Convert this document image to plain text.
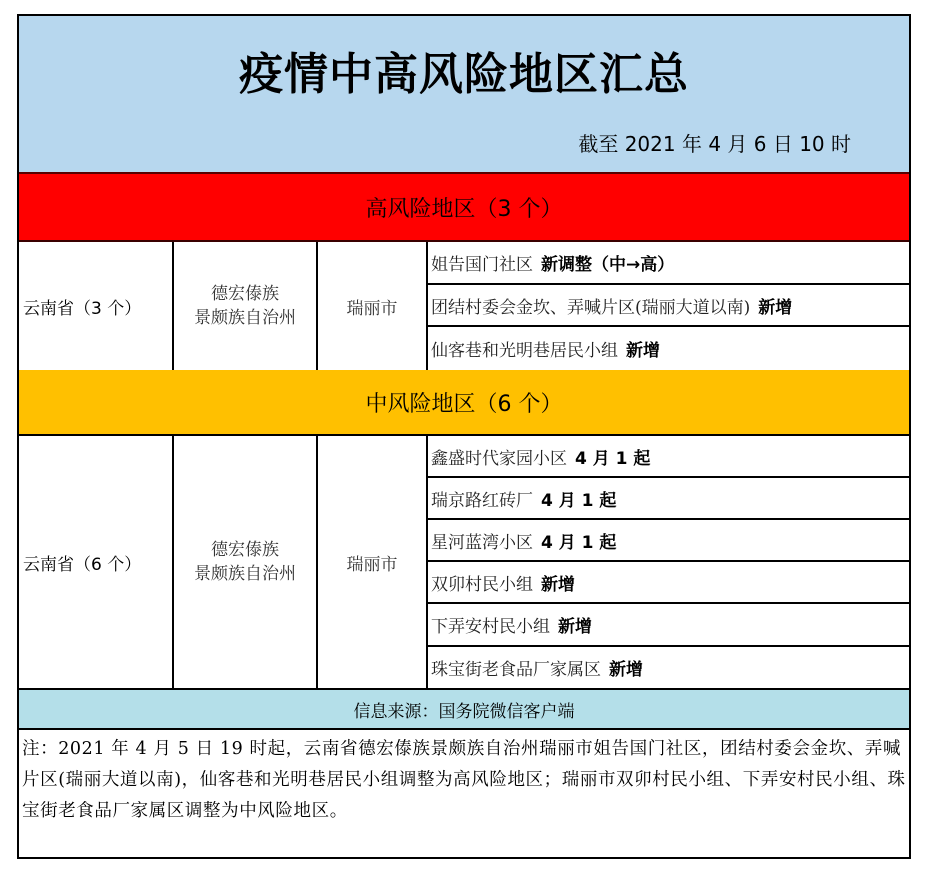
疫情中高风险地区汇总
截至 2021 年 4 月 6 日 10 时
高风险地区（3 个）
云南省（3 个）
德宏傣族
景颇族自治州	瑞丽市
姐告国门社区 新调整（中→高）
团结村委会金坎、弄喊片区(瑞丽大道以南) 新增
仙客巷和光明巷居民小组 新增
中风险地区（6 个）
云南省（6 个）
德宏傣族
景颇族自治州	瑞丽市
鑫盛时代家园小区 4 月 1 起
瑞京路红砖厂 4 月 1 起
星河蓝湾小区 4 月 1 起
双卯村民小组 新增
下弄安村民小组 新增
珠宝街老食品厂家属区 新增
信息来源：国务院微信客户端
注：2021 年 4 月 5 日 19 时起，云南省德宏傣族景颇族自治州瑞丽市姐告国门社区，团结村委会金坎、弄喊片区(瑞丽大道以南)，仙客巷和光明巷居民小组调整为高风险地区；瑞丽市双卯村民小组、下弄安村民小组、珠宝街老食品厂家属区调整为中风险地区。
